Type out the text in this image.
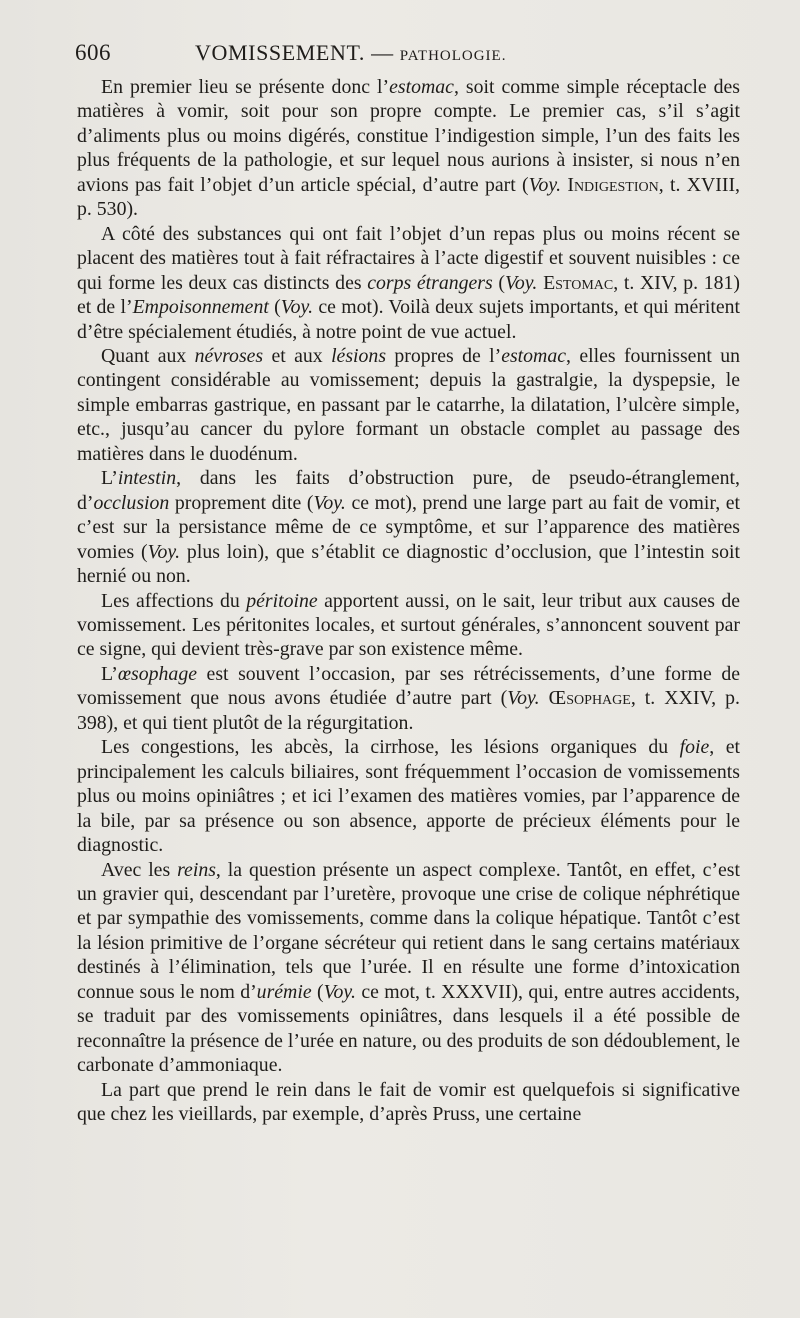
606	VOMISSEMENT. — PATHOLOGIE.

En premier lieu se présente donc l’estomac, soit comme simple réceptacle des matières à vomir, soit pour son propre compte. Le premier cas, s’il s’agit d’aliments plus ou moins digérés, constitue l’indigestion simple, l’un des faits les plus fréquents de la pathologie, et sur lequel nous aurions à insister, si nous n’en avions pas fait l’objet d’un article spécial, d’autre part (Voy. Indigestion, t. XVIII, p. 530).

A côté des substances qui ont fait l’objet d’un repas plus ou moins récent se placent des matières tout à fait réfractaires à l’acte digestif et souvent nuisibles : ce qui forme les deux cas distincts des corps étrangers (Voy. Estomac, t. XIV, p. 181) et de l’Empoisonnement (Voy. ce mot). Voilà deux sujets importants, et qui méritent d’être spécialement étudiés, à notre point de vue actuel.

Quant aux névroses et aux lésions propres de l’estomac, elles fournissent un contingent considérable au vomissement; depuis la gastralgie, la dyspepsie, le simple embarras gastrique, en passant par le catarrhe, la dilatation, l’ulcère simple, etc., jusqu’au cancer du pylore formant un obstacle complet au passage des matières dans le duodénum.

L’intestin, dans les faits d’obstruction pure, de pseudo-étranglement, d’occlusion proprement dite (Voy. ce mot), prend une large part au fait de vomir, et c’est sur la persistance même de ce symptôme, et sur l’apparence des matières vomies (Voy. plus loin), que s’établit ce diagnostic d’occlusion, que l’intestin soit hernié ou non.

Les affections du péritoine apportent aussi, on le sait, leur tribut aux causes de vomissement. Les péritonites locales, et surtout générales, s’annoncent souvent par ce signe, qui devient très-grave par son existence même.

L’œsophage est souvent l’occasion, par ses rétrécissements, d’une forme de vomissement que nous avons étudiée d’autre part (Voy. Œsophage, t. XXIV, p. 398), et qui tient plutôt de la régurgitation.

Les congestions, les abcès, la cirrhose, les lésions organiques du foie, et principalement les calculs biliaires, sont fréquemment l’occasion de vomissements plus ou moins opiniâtres ; et ici l’examen des matières vomies, par l’apparence de la bile, par sa présence ou son absence, apporte de précieux éléments pour le diagnostic.

Avec les reins, la question présente un aspect complexe. Tantôt, en effet, c’est un gravier qui, descendant par l’uretère, provoque une crise de colique néphrétique et par sympathie des vomissements, comme dans la colique hépatique. Tantôt c’est la lésion primitive de l’organe sécréteur qui retient dans le sang certains matériaux destinés à l’élimination, tels que l’urée. Il en résulte une forme d’intoxication connue sous le nom d’urémie (Voy. ce mot, t. XXXVII), qui, entre autres accidents, se traduit par des vomissements opiniâtres, dans lesquels il a été possible de reconnaître la présence de l’urée en nature, ou des produits de son dédoublement, le carbonate d’ammoniaque.

La part que prend le rein dans le fait de vomir est quelquefois si significative que chez les vieillards, par exemple, d’après Pruss, une certaine
